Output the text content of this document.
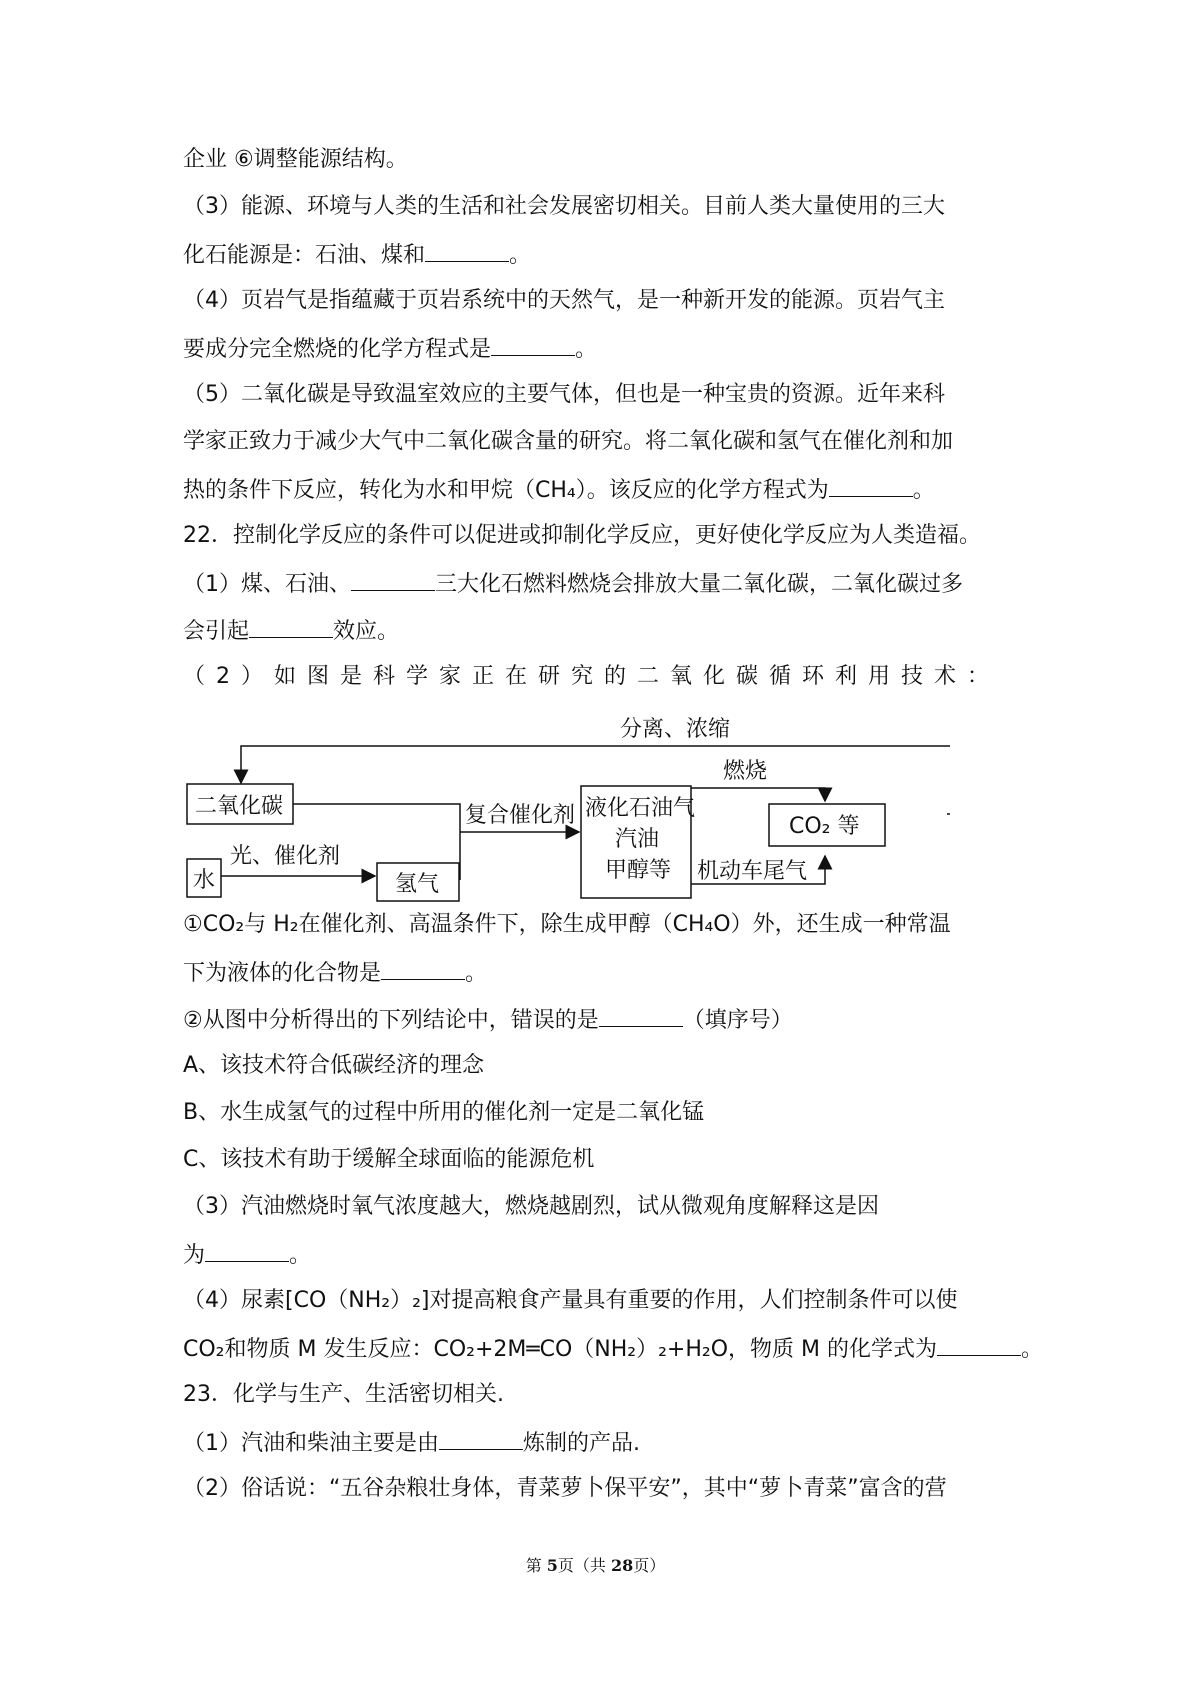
企业 ⑥调整能源结构。
（3）能源、环境与人类的生活和社会发展密切相关。目前人类大量使用的三大
化石能源是：石油、煤和	。
（4）页岩气是指蕴藏于页岩系统中的天然气，是一种新开发的能源。页岩气主
要成分完全燃烧的化学方程式是	。
（5）二氧化碳是导致温室效应的主要气体，但也是一种宝贵的资源。近年来科
学家正致力于减少大气中二氧化碳含量的研究。将二氧化碳和氢气在催化剂和加
热的条件下反应，转化为水和甲烷（CH₄）。该反应的化学方程式为	。
22．控制化学反应的条件可以促进或抑制化学反应，更好使化学反应为人类造福。
（1）煤、石油、	三大化石燃料燃烧会排放大量二氧化碳，二氧化碳过多
会引起	效应。
（2）如图是科学家正在研究的二氧化碳循环利用技术：
分离、浓缩
二氧化碳
水
光、催化剂
氢气
复合催化剂 液化石油气
汽油
甲醇等
燃烧
机动车尾气
CO₂ 等
①CO₂与 H₂在催化剂、高温条件下，除生成甲醇（CH₄O）外，还生成一种常温
下为液体的化合物是	。
②从图中分析得出的下列结论中，错误的是	（填序号）
A、该技术符合低碳经济的理念
B、水生成氢气的过程中所用的催化剂一定是二氧化锰
C、该技术有助于缓解全球面临的能源危机
（3）汽油燃烧时氧气浓度越大，燃烧越剧烈，试从微观角度解释这是因
为	。
（4）尿素[CO（NH₂）₂]对提高粮食产量具有重要的作用，人们控制条件可以使
CO₂和物质 M 发生反应：CO₂+2M═CO（NH₂）₂+H₂O，物质 M 的化学式为	。
23．化学与生产、生活密切相关.
（1）汽油和柴油主要是由	炼制的产品.
（2）俗话说：“五谷杂粮壮身体，青菜萝卜保平安”，其中“萝卜青菜”富含的营
第 5页（共 28页）
